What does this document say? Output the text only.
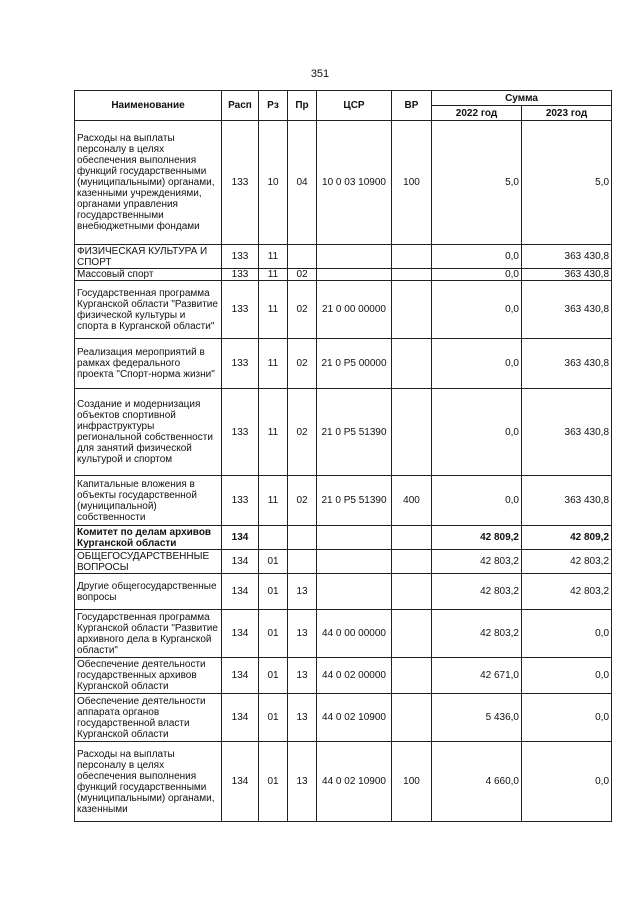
351
Наименование	Расп	Рз	Пр	ЦСР	ВР	Сумма	
						2022 год	2023 год
Расходы на выплаты персоналу в целях обеспечения выполнения функций государственными (муниципальными) органами, казенными учреждениями, органами управления государственными внебюджетными фондами	133	10	04	10 0 03 10900	100	5,0	5,0
ФИЗИЧЕСКАЯ КУЛЬТУРА И СПОРТ	133	11				0,0	363 430,8
Массовый спорт	133	11	02			0,0	363 430,8
Государственная программа Курганской области "Развитие физической культуры и спорта в Курганской области"	133	11	02	21 0 00 00000		0,0	363 430,8
Реализация мероприятий в рамках федерального проекта "Спорт-норма жизни"	133	11	02	21 0 P5 00000		0,0	363 430,8
Создание и модернизация объектов спортивной инфраструктуры региональной собственности для занятий физической культурой и спортом	133	11	02	21 0 P5 51390		0,0	363 430,8
Капитальные вложения в объекты государственной (муниципальной) собственности	133	11	02	21 0 P5 51390	400	0,0	363 430,8
Комитет по делам архивов Курганской области	134					42 809,2	42 809,2
ОБЩЕГОСУДАРСТВЕННЫЕ ВОПРОСЫ	134	01				42 803,2	42 803,2
Другие общегосударственные вопросы	134	01	13			42 803,2	42 803,2
Государственная программа Курганской области "Развитие архивного дела в Курганской области"	134	01	13	44 0 00 00000		42 803,2	0,0
Обеспечение деятельности государственных архивов Курганской области	134	01	13	44 0 02 00000		42 671,0	0,0
Обеспечение деятельности аппарата органов государственной власти Курганской области	134	01	13	44 0 02 10900		5 436,0	0,0
Расходы на выплаты персоналу в целях обеспечения выполнения функций государственными (муниципальными) органами, казенными	134	01	13	44 0 02 10900	100	4 660,0	0,0
